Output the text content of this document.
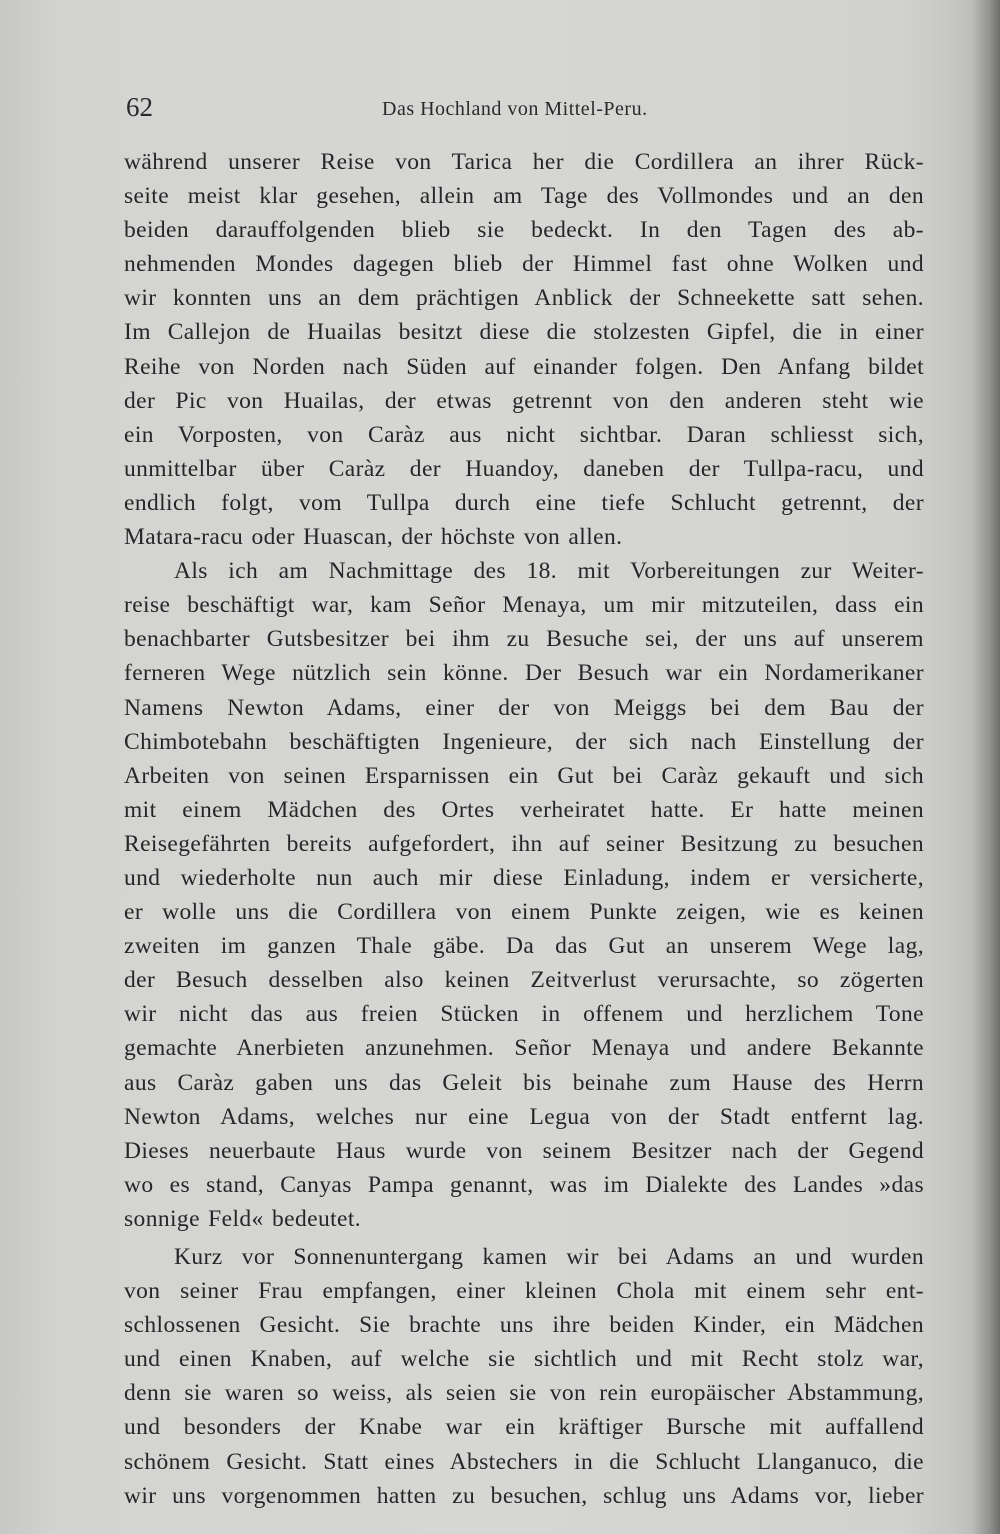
62	Das Hochland von Mittel-Peru.
während unserer Reise von Tarica her die Cordillera an ihrer Rück-
seite meist klar gesehen, allein am Tage des Vollmondes und an den
beiden darauffolgenden blieb sie bedeckt. In den Tagen des ab-
nehmenden Mondes dagegen blieb der Himmel fast ohne Wolken und
wir konnten uns an dem prächtigen Anblick der Schneekette satt sehen.
Im Callejon de Huailas besitzt diese die stolzesten Gipfel, die in einer
Reihe von Norden nach Süden auf einander folgen. Den Anfang bildet
der Pic von Huailas, der etwas getrennt von den anderen steht wie
ein Vorposten, von Caràz aus nicht sichtbar. Daran schliesst sich,
unmittelbar über Caràz der Huandoy, daneben der Tullpa-racu, und
endlich folgt, vom Tullpa durch eine tiefe Schlucht getrennt, der
Matara-racu oder Huascan, der höchste von allen.
Als ich am Nachmittage des 18. mit Vorbereitungen zur Weiter-
reise beschäftigt war, kam Señor Menaya, um mir mitzuteilen, dass ein
benachbarter Gutsbesitzer bei ihm zu Besuche sei, der uns auf unserem
ferneren Wege nützlich sein könne. Der Besuch war ein Nordamerikaner
Namens Newton Adams, einer der von Meiggs bei dem Bau der
Chimbotebahn beschäftigten Ingenieure, der sich nach Einstellung der
Arbeiten von seinen Ersparnissen ein Gut bei Caràz gekauft und sich
mit einem Mädchen des Ortes verheiratet hatte. Er hatte meinen
Reisegefährten bereits aufgefordert, ihn auf seiner Besitzung zu besuchen
und wiederholte nun auch mir diese Einladung, indem er versicherte,
er wolle uns die Cordillera von einem Punkte zeigen, wie es keinen
zweiten im ganzen Thale gäbe. Da das Gut an unserem Wege lag,
der Besuch desselben also keinen Zeitverlust verursachte, so zögerten
wir nicht das aus freien Stücken in offenem und herzlichem Tone
gemachte Anerbieten anzunehmen. Señor Menaya und andere Bekannte
aus Caràz gaben uns das Geleit bis beinahe zum Hause des Herrn
Newton Adams, welches nur eine Legua von der Stadt entfernt lag.
Dieses neuerbaute Haus wurde von seinem Besitzer nach der Gegend
wo es stand, Canyas Pampa genannt, was im Dialekte des Landes »das
sonnige Feld« bedeutet.
Kurz vor Sonnenuntergang kamen wir bei Adams an und wurden
von seiner Frau empfangen, einer kleinen Chola mit einem sehr ent-
schlossenen Gesicht. Sie brachte uns ihre beiden Kinder, ein Mädchen
und einen Knaben, auf welche sie sichtlich und mit Recht stolz war,
denn sie waren so weiss, als seien sie von rein europäischer Abstammung,
und besonders der Knabe war ein kräftiger Bursche mit auffallend
schönem Gesicht. Statt eines Abstechers in die Schlucht Llanganuco, die
wir uns vorgenommen hatten zu besuchen, schlug uns Adams vor, lieber
